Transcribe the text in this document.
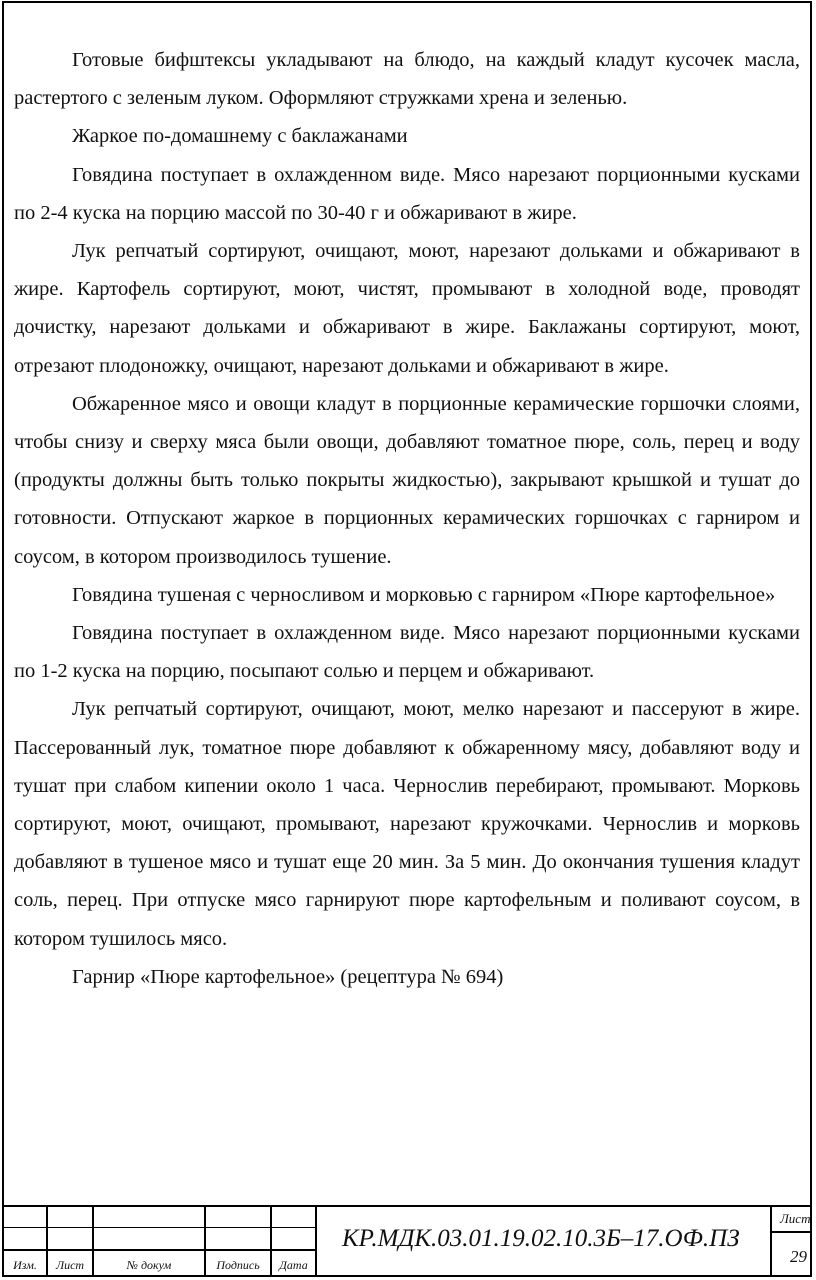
Готовые бифштексы укладывают на блюдо, на каждый кладут кусочек масла, растертого с зеленым луком. Оформляют стружками хрена и зеленью.

Жаркое по-домашнему с баклажанами

Говядина поступает в охлажденном виде. Мясо нарезают порционными кусками по 2-4 куска на порцию массой по 30-40 г и обжаривают в жире.

Лук репчатый сортируют, очищают, моют, нарезают дольками и обжаривают в жире. Картофель сортируют, моют, чистят, промывают в холодной воде, проводят дочистку, нарезают дольками и обжаривают в жире. Баклажаны сортируют, моют, отрезают плодоножку, очищают, нарезают дольками и обжаривают в жире.

Обжаренное мясо и овощи кладут в порционные керамические горшочки слоями, чтобы снизу и сверху мяса были овощи, добавляют томатное пюре, соль, перец и воду (продукты должны быть только покрыты жидкостью), закрывают крышкой и тушат до готовности. Отпускают жаркое в порционных керамических горшочках с гарниром и соусом, в котором производилось тушение.

Говядина тушеная с черносливом и морковью с гарниром «Пюре картофельное»

Говядина поступает в охлажденном виде. Мясо нарезают порционными кусками по 1-2 куска на порцию, посыпают солью и перцем и обжаривают.

Лук репчатый сортируют, очищают, моют, мелко нарезают и пассеруют в жире. Пассерованный лук, томатное пюре добавляют к обжаренному мясу, добавляют воду и тушат при слабом кипении около 1 часа. Чернослив перебирают, промывают. Морковь сортируют, моют, очищают, промывают, нарезают кружочками. Чернослив и морковь добавляют в тушеное мясо и тушат еще 20 мин. За 5 мин. До окончания тушения кладут соль, перец. При отпуске мясо гарнируют пюре картофельным и поливают соусом, в котором тушилось мясо.

Гарнир «Пюре картофельное» (рецептура № 694)

Изм.	Лист	№ докум	Подпись	Дата
КР.МДК.03.01.19.02.10.3Б–17.ОФ.ПЗ
Лист
29
